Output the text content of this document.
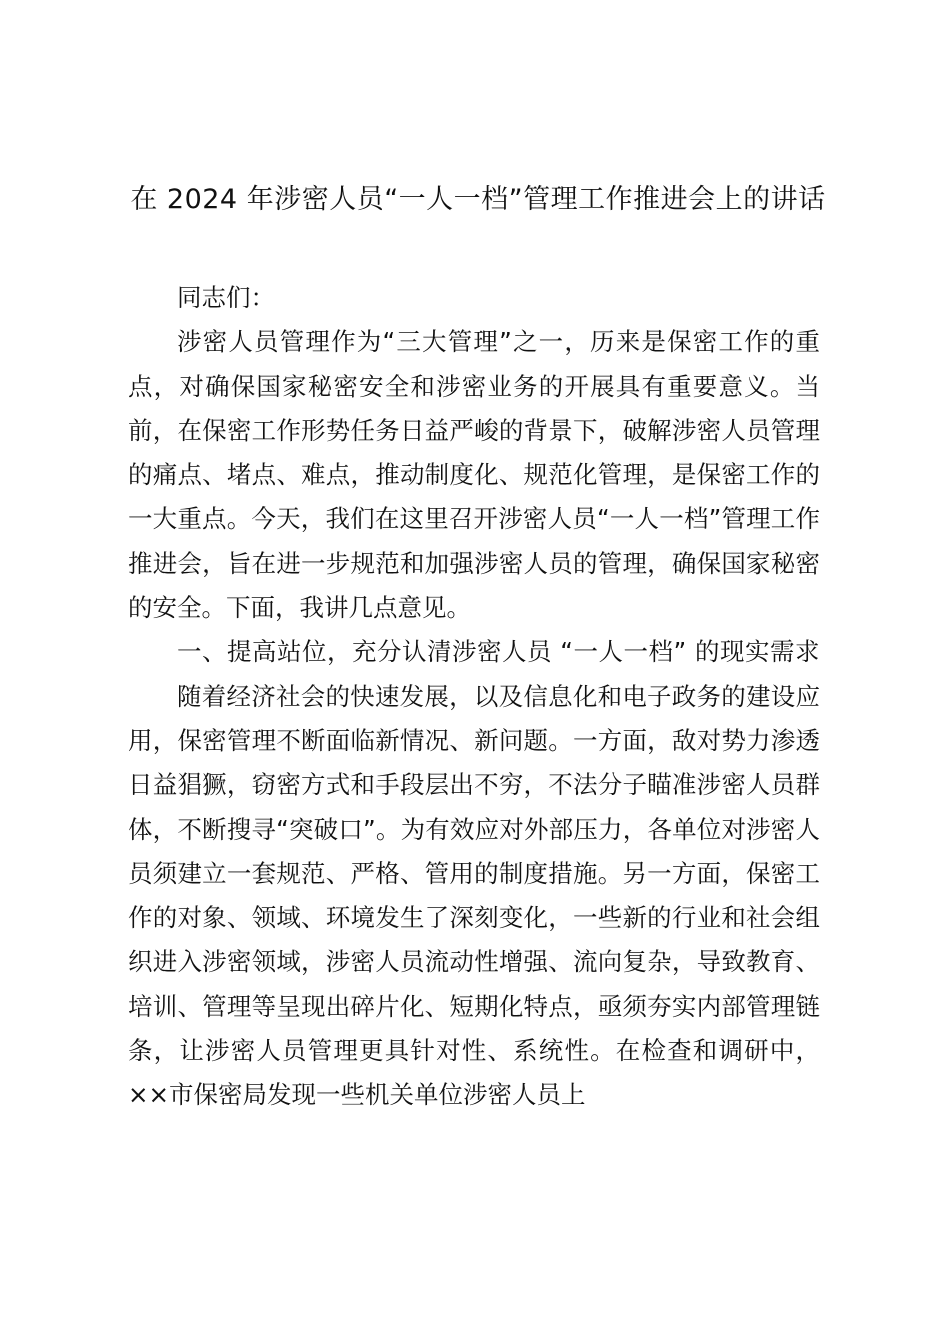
在 2024 年涉密人员“一人一档”管理工作推进会上的讲话

同志们：

涉密人员管理作为“三大管理”之一，历来是保密工作的重点，对确保国家秘密安全和涉密业务的开展具有重要意义。当前，在保密工作形势任务日益严峻的背景下，破解涉密人员管理的痛点、堵点、难点，推动制度化、规范化管理，是保密工作的一大重点。今天，我们在这里召开涉密人员“一人一档”管理工作推进会，旨在进一步规范和加强涉密人员的管理，确保国家秘密的安全。下面，我讲几点意见。

一、提高站位，充分认清涉密人员 “一人一档” 的现实需求

随着经济社会的快速发展，以及信息化和电子政务的建设应用，保密管理不断面临新情况、新问题。一方面，敌对势力渗透日益猖獗，窃密方式和手段层出不穷，不法分子瞄准涉密人员群体，不断搜寻“突破口”。为有效应对外部压力，各单位对涉密人员须建立一套规范、严格、管用的制度措施。另一方面，保密工作的对象、领域、环境发生了深刻变化，一些新的行业和社会组织进入涉密领域，涉密人员流动性增强、流向复杂，导致教育、培训、管理等呈现出碎片化、短期化特点，亟须夯实内部管理链条，让涉密人员管理更具针对性、系统性。在检查和调研中，××市保密局发现一些机关单位涉密人员上
